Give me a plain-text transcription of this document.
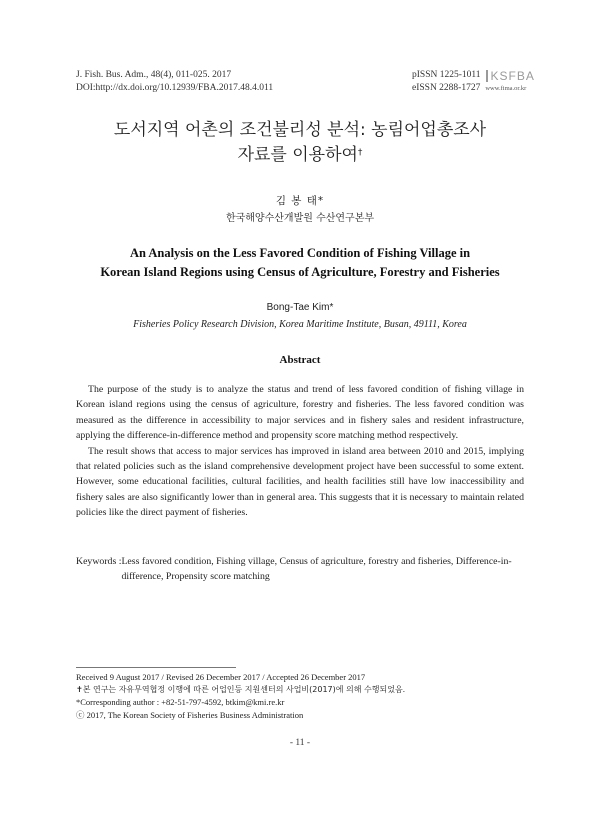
J. Fish. Bus. Adm., 48(4), 011-025. 2017
DOI:http://dx.doi.org/10.12939/FBA.2017.48.4.011
pISSN 1225-1011 KSFBA
eISSN 2288-1727 www.fima.or.kr
도서지역 어촌의 조건불리성 분석: 농림어업총조사
자료를 이용하여†
김 봉 태*
한국해양수산개발원 수산연구본부
An Analysis on the Less Favored Condition of Fishing Village in
Korean Island Regions using Census of Agriculture, Forestry and Fisheries
Bong-Tae Kim*
Fisheries Policy Research Division, Korea Maritime Institute, Busan, 49111, Korea
Abstract

The purpose of the study is to analyze the status and trend of less favored condition of fishing village in Korean island regions using the census of agriculture, forestry and fisheries. The less favored condition was measured as the difference in accessibility to major services and in fishery sales and resident infrastructure, applying the difference-in-difference method and propensity score matching method respectively.

The result shows that access to major services has improved in island area between 2010 and 2015, implying that related policies such as the island comprehensive development project have been successful to some extent. However, some educational facilities, cultural facilities, and health facilities still have low inaccessibility and fishery sales are also significantly lower than in general area. This suggests that it is necessary to maintain related policies like the direct payment of fisheries.

Keywords : Less favored condition, Fishing village, Census of agriculture, forestry and fisheries, Difference-in-difference, Propensity score matching
Received 9 August 2017 / Revised 26 December 2017 / Accepted 26 December 2017
✝본 연구는 자유무역협정 이행에 따른 어업인등 지원센터의 사업비(2017)에 의해 수행되었음.
*Corresponding author : +82-51-797-4592, btkim@kmi.re.kr
ⓒ 2017, The Korean Society of Fisheries Business Administration
- 11 -
